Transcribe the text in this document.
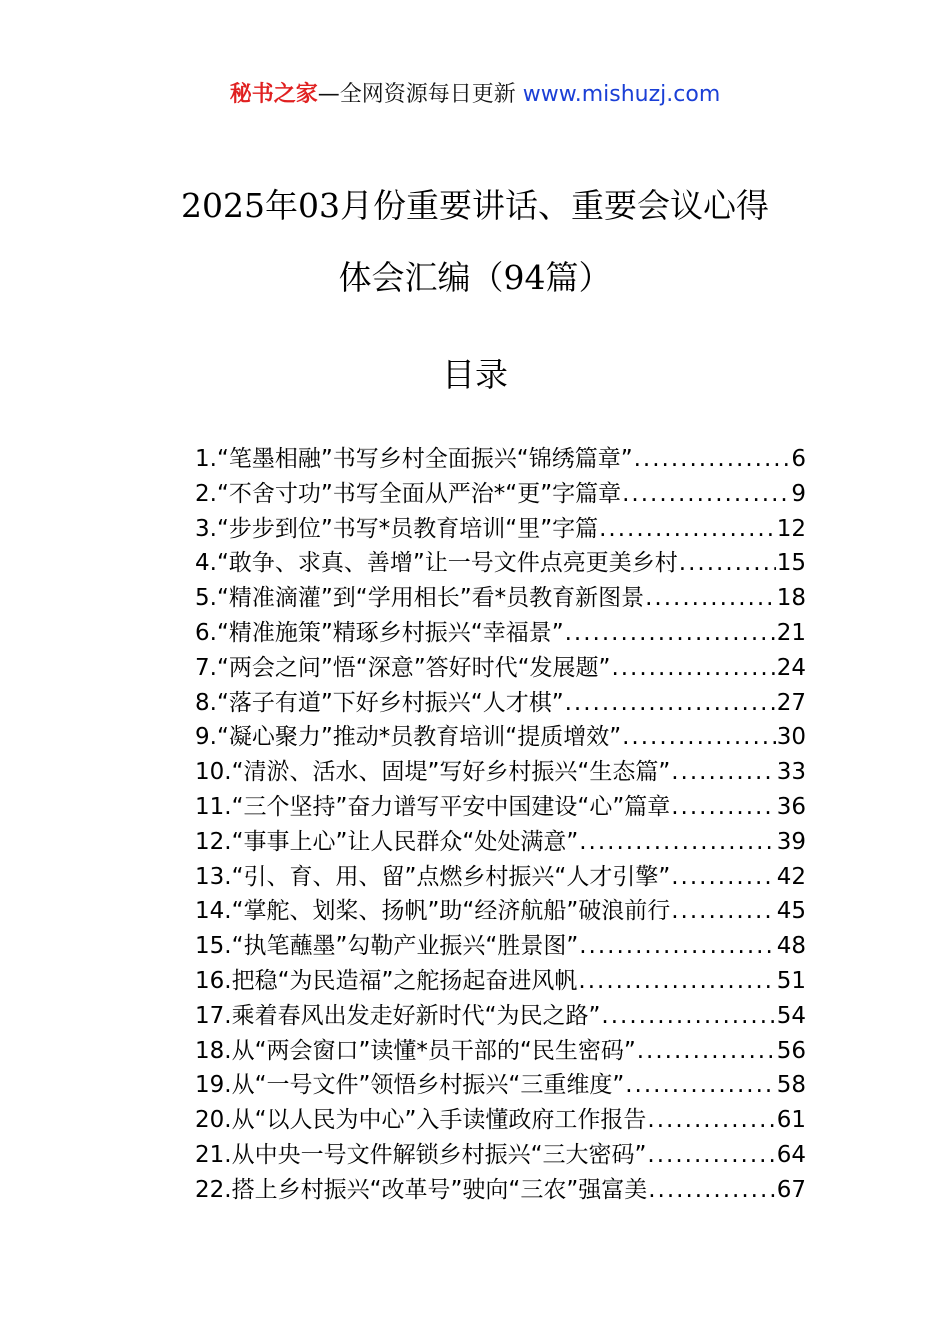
秘书之家—全网资源每日更新 www.mishuzj.com
2025年03月份重要讲话、重要会议心得
体会汇编（94篇）
目录
1.“笔墨相融”书写乡村全面振兴“锦绣篇章” .....	6
2.“不舍寸功”书写全面从严治*“更”字篇章 .....	9
3.“步步到位”书写*员教育培训“里”字篇 .....	12
4.“敢争、求真、善增”让一号文件点亮更美乡村 .....	15
5.“精准滴灌”到“学用相长”看*员教育新图景 .....	18
6.“精准施策”精琢乡村振兴“幸福景” .....	21
7.“两会之问”悟“深意”答好时代“发展题” .....	24
8.“落子有道”下好乡村振兴“人才棋” .....	27
9.“凝心聚力”推动*员教育培训“提质增效” .....	30
10.“清淤、活水、固堤”写好乡村振兴“生态篇” .....	33
11.“三个坚持”奋力谱写平安中国建设“心”篇章 .....	36
12.“事事上心”让人民群众“处处满意” .....	39
13.“引、育、用、留”点燃乡村振兴“人才引擎” .....	42
14.“掌舵、划桨、扬帆”助“经济航船”破浪前行 .....	45
15.“执笔蘸墨”勾勒产业振兴“胜景图” .....	48
16.把稳“为民造福”之舵扬起奋进风帆 .....	51
17.乘着春风出发走好新时代“为民之路” .....	54
18.从“两会窗口”读懂*员干部的“民生密码” .....	56
19.从“一号文件”领悟乡村振兴“三重维度” .....	58
20.从“以人民为中心”入手读懂政府工作报告 .....	61
21.从中央一号文件解锁乡村振兴“三大密码” .....	64
22.搭上乡村振兴“改革号”驶向“三农”强富美 .....	67
